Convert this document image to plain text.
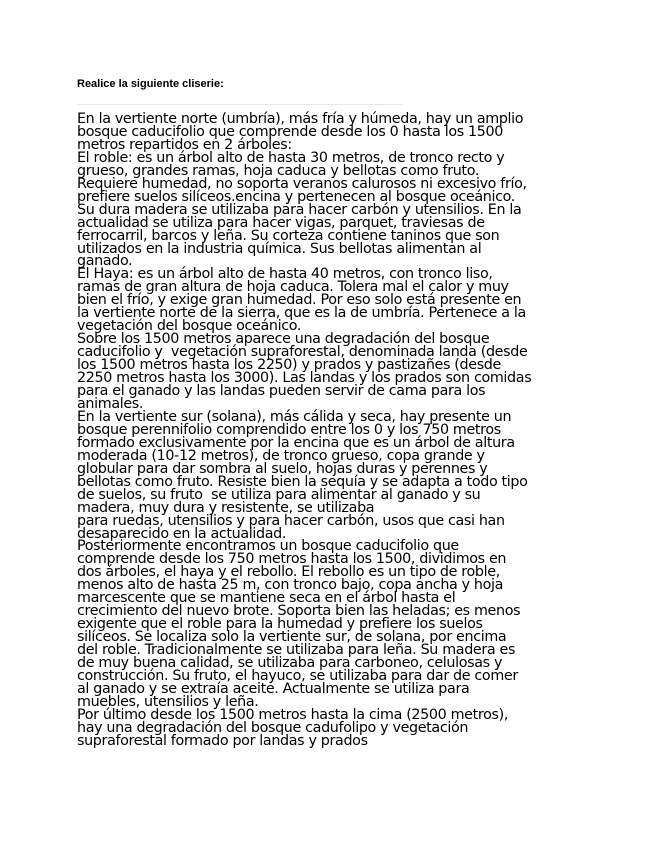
Realice la siguiente cliserie:
En la vertiente norte (umbría), más fría y húmeda, hay un amplio
bosque caducifolio que comprende desde los 0 hasta los 1500
metros repartidos en 2 árboles:
El roble: es un árbol alto de hasta 30 metros, de tronco recto y
grueso, grandes ramas, hoja caduca y bellotas como fruto.
Requiere humedad, no soporta veranos calurosos ni excesivo frío,
prefiere suelos silíceos.encina y pertenecen al bosque oceánico.
Su dura madera se utilizaba para hacer carbón y utensilios. En la
actualidad se utiliza para hacer vigas, parquet, traviesas de
ferrocarril, barcos y leña. Su corteza contiene taninos que son
utilizados en la industria química. Sus bellotas alimentan al
ganado.
El Haya: es un árbol alto de hasta 40 metros, con tronco liso,
ramas de gran altura de hoja caduca. Tolera mal el calor y muy
bien el frío, y exige gran humedad. Por eso solo está presente en
la vertiente norte de la sierra, que es la de umbría. Pertenece a la
vegetación del bosque oceánico.
Sobre los 1500 metros aparece una degradación del bosque
caducifolio y  vegetación supraforestal, denominada landa (desde
los 1500 metros hasta los 2250) y prados y pastizañes (desde
2250 metros hasta los 3000). Las landas y los prados son comidas
para el ganado y las landas pueden servir de cama para los
animales.
En la vertiente sur (solana), más cálida y seca, hay presente un
bosque perennifolio comprendido entre los 0 y los 750 metros
formado exclusivamente por la encina que es un árbol de altura
moderada (10-12 metros), de tronco grueso, copa grande y
globular para dar sombra al suelo, hojas duras y perennes y
bellotas como fruto. Resiste bien la sequía y se adapta a todo tipo
de suelos, su fruto  se utiliza para alimentar al ganado y su
madera, muy dura y resistente, se utilizaba
para ruedas, utensilios y para hacer carbón, usos que casi han
desaparecido en la actualidad.
Posteriormente encontramos un bosque caducifolio que
comprende desde los 750 metros hasta los 1500, dividimos en
dos árboles, el haya y el rebollo. El rebollo es un tipo de roble,
menos alto de hasta 25 m, con tronco bajo, copa ancha y hoja
marcescente que se mantiene seca en el árbol hasta el
crecimiento del nuevo brote. Soporta bien las heladas; es menos
exigente que el roble para la humedad y prefiere los suelos
silíceos. Se localiza solo la vertiente sur, de solana, por encima
del roble. Tradicionalmente se utilizaba para leña. Su madera es
de muy buena calidad, se utilizaba para carboneo, celulosas y
construcción. Su fruto, el hayuco, se utilizaba para dar de comer
al ganado y se extraía aceite. Actualmente se utiliza para
muebles, utensilios y leña.
Por último desde los 1500 metros hasta la cima (2500 metros),
hay una degradación del bosque cadufolipo y vegetación
supraforestal formado por landas y prados
